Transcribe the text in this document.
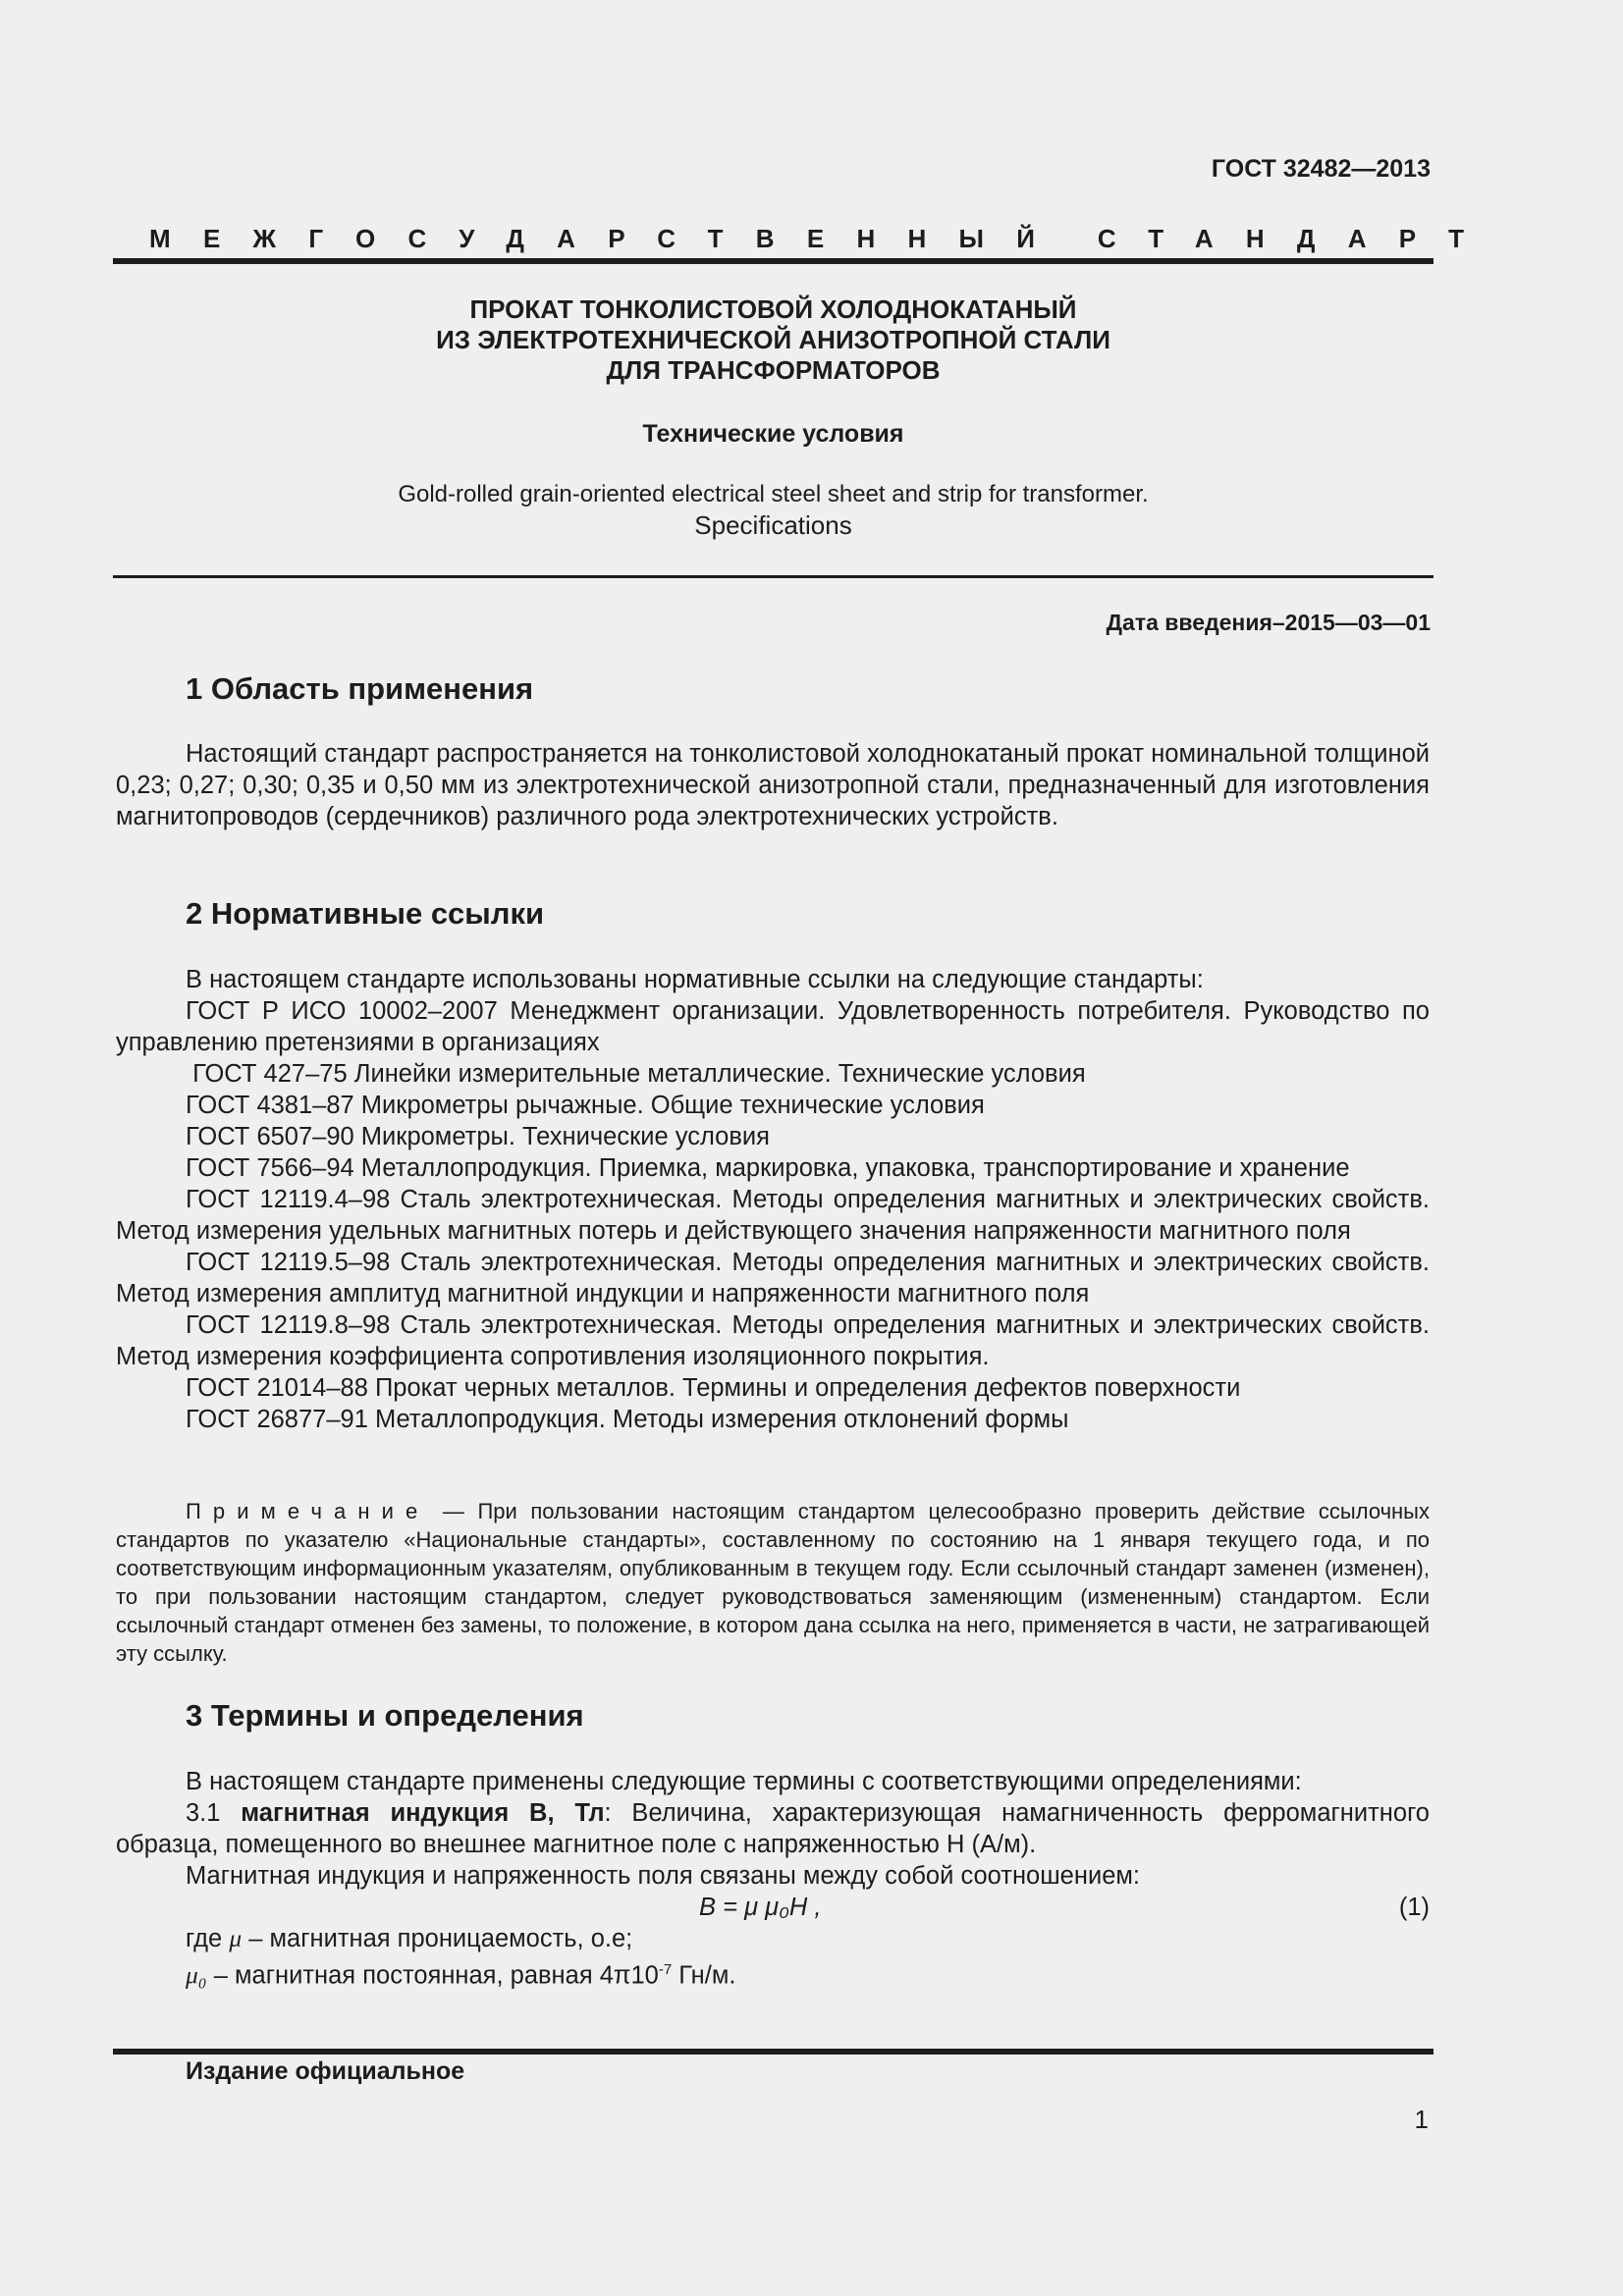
ГОСТ 32482—2013
МЕЖГОСУДАРСТВЕННЫЙ СТАНДАРТ
ПРОКАТ ТОНКОЛИСТОВОЙ ХОЛОДНОКАТАНЫЙ
ИЗ ЭЛЕКТРОТЕХНИЧЕСКОЙ АНИЗОТРОПНОЙ СТАЛИ
ДЛЯ ТРАНСФОРМАТОРОВ
Технические условия
Gold-rolled grain-oriented electrical steel sheet and strip for transformer.
Specifications
Дата введения–2015—03—01
1 Область применения
Настоящий стандарт распространяется на тонколистовой холоднокатаный прокат номинальной толщиной 0,23; 0,27; 0,30; 0,35 и 0,50 мм из электротехнической анизотропной стали, предназначенный для изготовления магнитопроводов (сердечников) различного рода электротехнических устройств.
2 Нормативные ссылки
В настоящем стандарте использованы нормативные ссылки на следующие стандарты:
ГОСТ Р ИСО 10002–2007 Менеджмент организации. Удовлетворенность потребителя. Руководство по управлению претензиями в организациях
ГОСТ 427–75 Линейки измерительные металлические. Технические условия
ГОСТ 4381–87 Микрометры рычажные. Общие технические условия
ГОСТ 6507–90 Микрометры. Технические условия
ГОСТ 7566–94 Металлопродукция. Приемка, маркировка, упаковка, транспортирование и хранение
ГОСТ 12119.4–98 Сталь электротехническая. Методы определения магнитных и электрических свойств. Метод измерения удельных магнитных потерь и действующего значения напряженности магнитного поля
ГОСТ 12119.5–98 Сталь электротехническая. Методы определения магнитных и электрических свойств. Метод измерения амплитуд магнитной индукции и напряженности магнитного поля
ГОСТ 12119.8–98 Сталь электротехническая. Методы определения магнитных и электрических свойств. Метод измерения коэффициента сопротивления изоляционного покрытия.
ГОСТ 21014–88 Прокат черных металлов. Термины и определения дефектов поверхности
ГОСТ 26877–91 Металлопродукция. Методы измерения отклонений формы
Примечание — При пользовании настоящим стандартом целесообразно проверить действие ссылочных стандартов по указателю «Национальные стандарты», составленному по состоянию на 1 января текущего года, и по соответствующим информационным указателям, опубликованным в текущем году. Если ссылочный стандарт заменен (изменен), то при пользовании настоящим стандартом, следует руководствоваться заменяющим (измененным) стандартом. Если ссылочный стандарт отменен без замены, то положение, в котором дана ссылка на него, применяется в части, не затрагивающей эту ссылку.
3 Термины и определения
В настоящем стандарте применены следующие термины с соответствующими определениями:
3.1 магнитная индукция В, Тл: Величина, характеризующая намагниченность ферромагнитного образца, помещенного во внешнее магнитное поле с напряженностью Н (А/м).
Магнитная индукция и напряженность поля связаны между собой соотношением:
B = μ μ₀H ,	(1)
где μ – магнитная проницаемость, о.е;
μ₀ – магнитная постоянная, равная $4\pi 10^{-7}$ Гн/м.
Издание официальное
1
